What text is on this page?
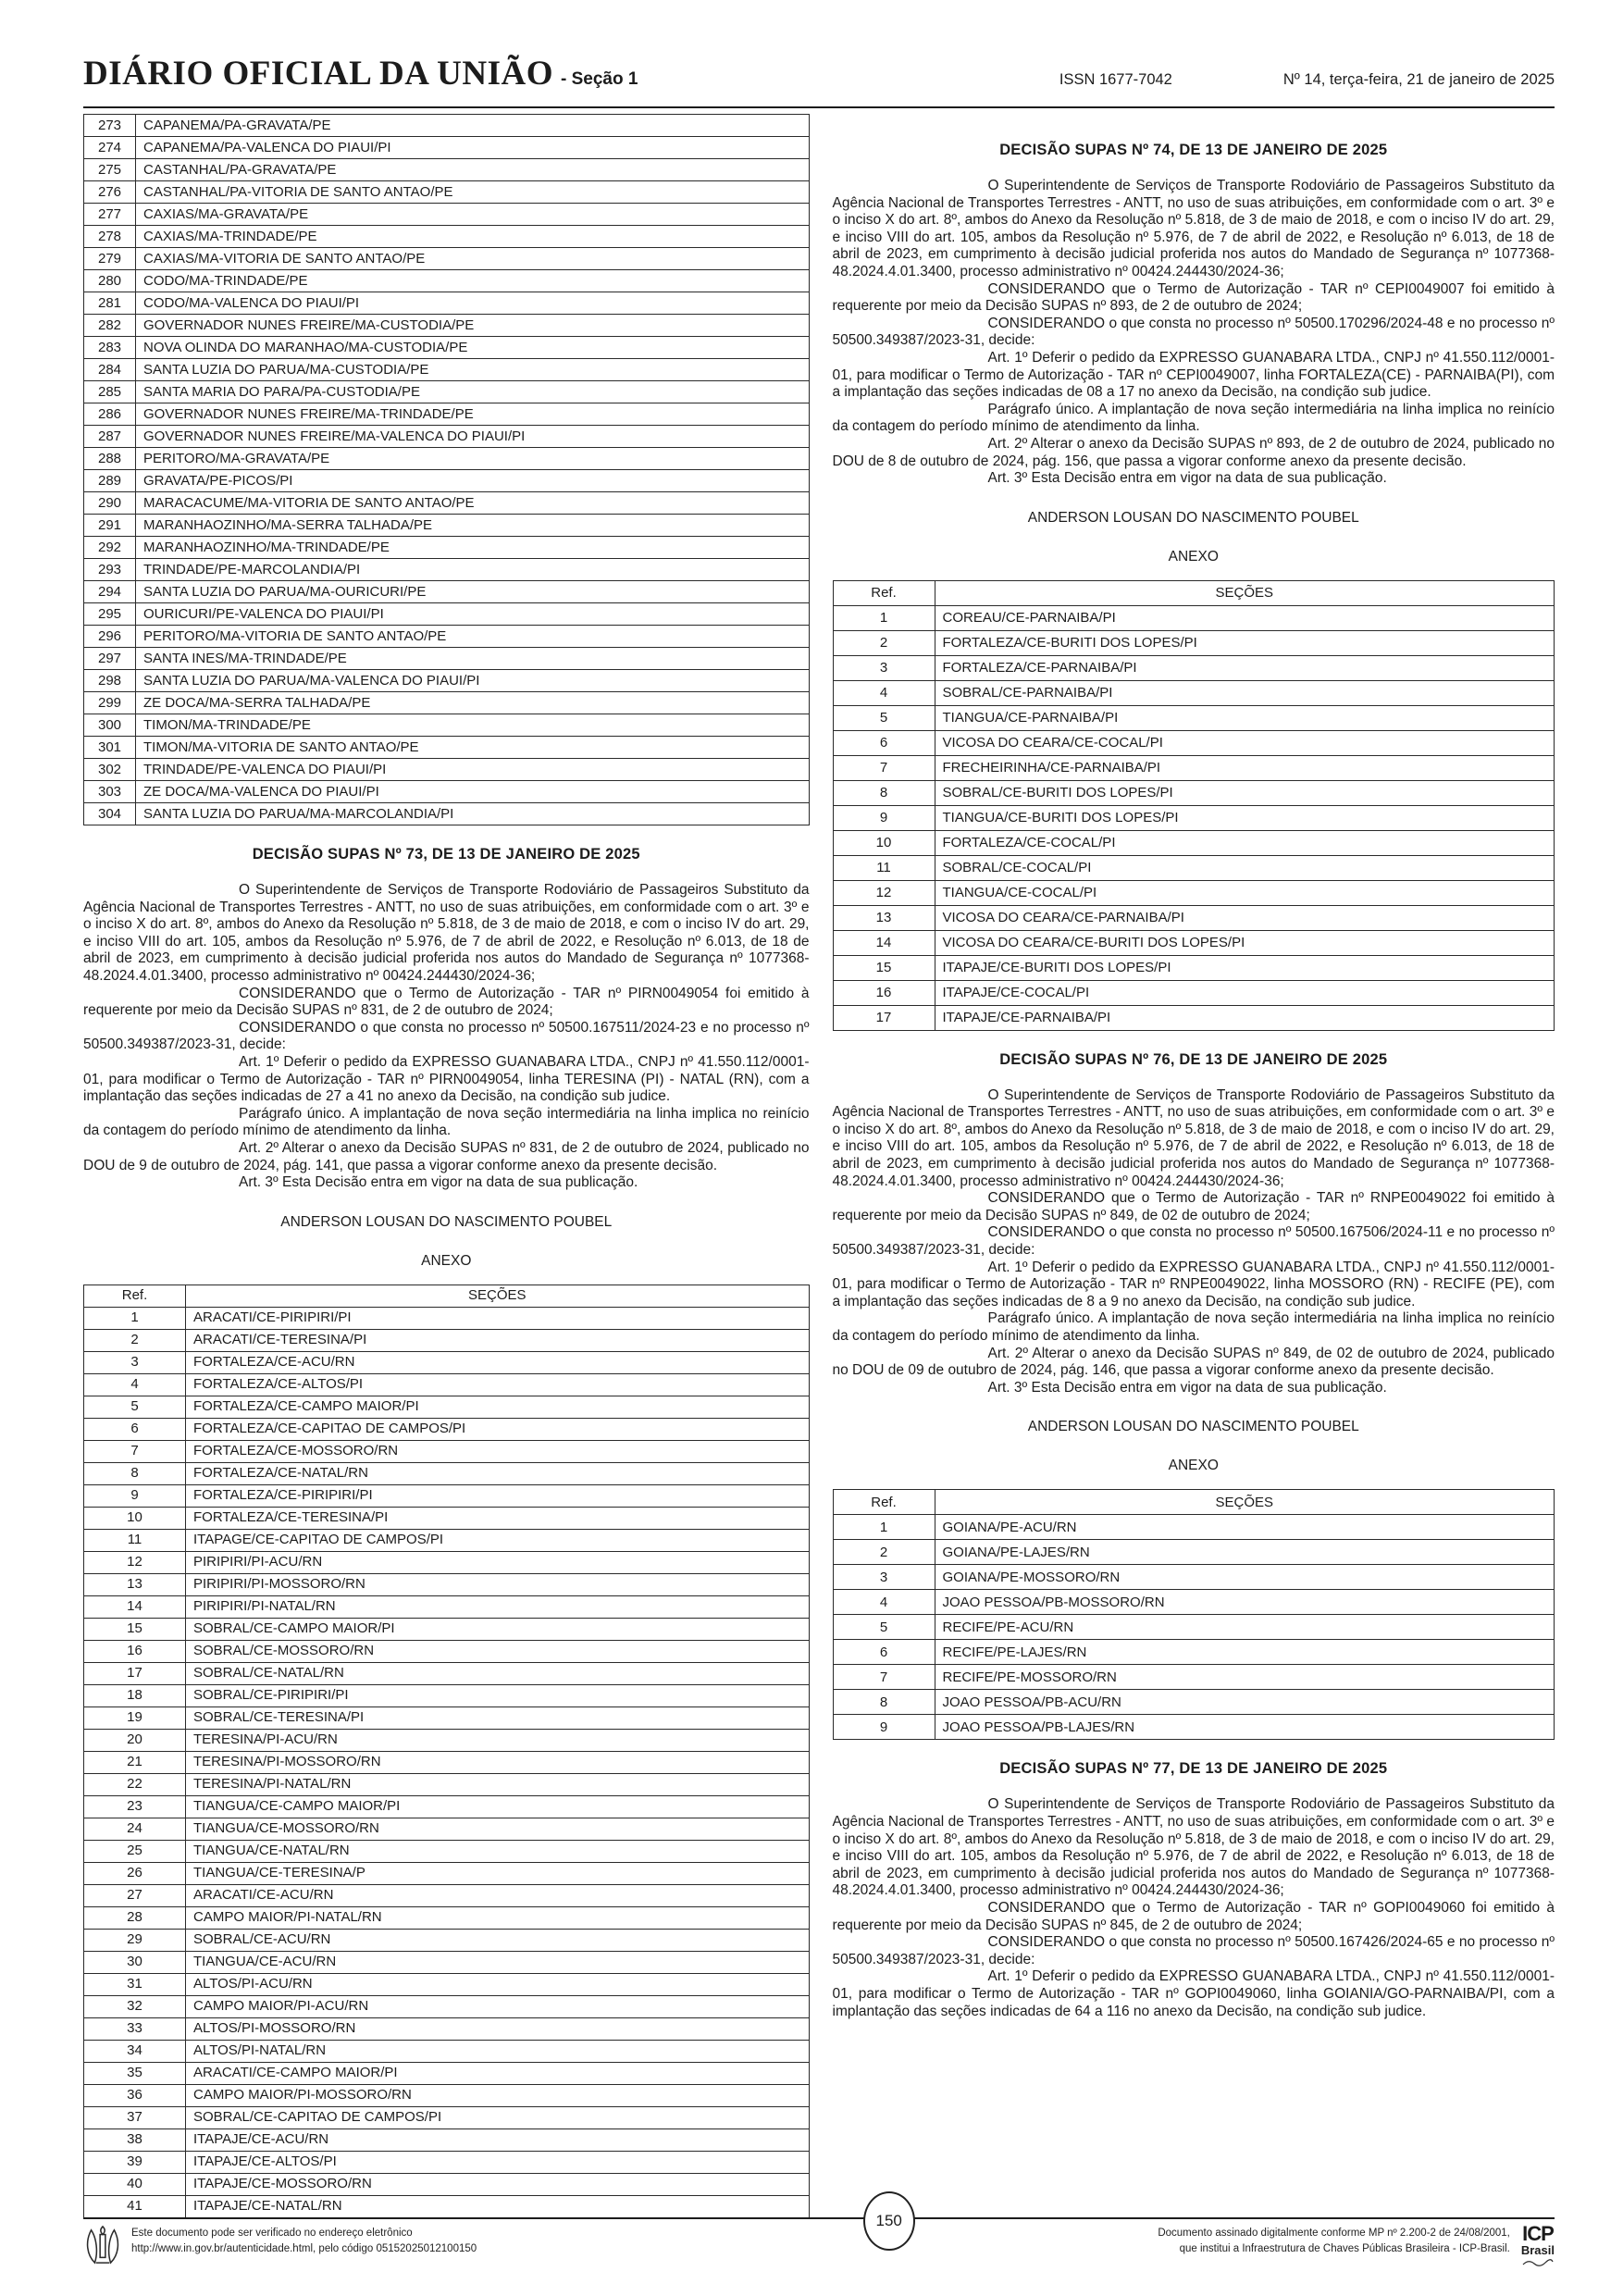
DIÁRIO OFICIAL DA UNIÃO - Seção 1	ISSN 1677-7042	Nº 14, terça-feira, 21 de janeiro de 2025
273	CAPANEMA/PA-GRAVATA/PE
274	CAPANEMA/PA-VALENCA DO PIAUI/PI
275	CASTANHAL/PA-GRAVATA/PE
276	CASTANHAL/PA-VITORIA DE SANTO ANTAO/PE
277	CAXIAS/MA-GRAVATA/PE
278	CAXIAS/MA-TRINDADE/PE
279	CAXIAS/MA-VITORIA DE SANTO ANTAO/PE
280	CODO/MA-TRINDADE/PE
281	CODO/MA-VALENCA DO PIAUI/PI
282	GOVERNADOR NUNES FREIRE/MA-CUSTODIA/PE
283	NOVA OLINDA DO MARANHAO/MA-CUSTODIA/PE
284	SANTA LUZIA DO PARUA/MA-CUSTODIA/PE
285	SANTA MARIA DO PARA/PA-CUSTODIA/PE
286	GOVERNADOR NUNES FREIRE/MA-TRINDADE/PE
287	GOVERNADOR NUNES FREIRE/MA-VALENCA DO PIAUI/PI
288	PERITORO/MA-GRAVATA/PE
289	GRAVATA/PE-PICOS/PI
290	MARACACUME/MA-VITORIA DE SANTO ANTAO/PE
291	MARANHAOZINHO/MA-SERRA TALHADA/PE
292	MARANHAOZINHO/MA-TRINDADE/PE
293	TRINDADE/PE-MARCOLANDIA/PI
294	SANTA LUZIA DO PARUA/MA-OURICURI/PE
295	OURICURI/PE-VALENCA DO PIAUI/PI
296	PERITORO/MA-VITORIA DE SANTO ANTAO/PE
297	SANTA INES/MA-TRINDADE/PE
298	SANTA LUZIA DO PARUA/MA-VALENCA DO PIAUI/PI
299	ZE DOCA/MA-SERRA TALHADA/PE
300	TIMON/MA-TRINDADE/PE
301	TIMON/MA-VITORIA DE SANTO ANTAO/PE
302	TRINDADE/PE-VALENCA DO PIAUI/PI
303	ZE DOCA/MA-VALENCA DO PIAUI/PI
304	SANTA LUZIA DO PARUA/MA-MARCOLANDIA/PI
DECISÃO SUPAS Nº 73, DE 13 DE JANEIRO DE 2025

O Superintendente de Serviços de Transporte Rodoviário de Passageiros Substituto da Agência Nacional de Transportes Terrestres - ANTT, no uso de suas atribuições, em conformidade com o art. 3º e o inciso X do art. 8º, ambos do Anexo da Resolução nº 5.818, de 3 de maio de 2018, e com o inciso IV do art. 29, e inciso VIII do art. 105, ambos da Resolução nº 5.976, de 7 de abril de 2022, e Resolução nº 6.013, de 18 de abril de 2023, em cumprimento à decisão judicial proferida nos autos do Mandado de Segurança nº 1077368-48.2024.4.01.3400, processo administrativo nº 00424.244430/2024-36;

CONSIDERANDO que o Termo de Autorização - TAR nº PIRN0049054 foi emitido à requerente por meio da Decisão SUPAS nº 831, de 2 de outubro de 2024;

CONSIDERANDO o que consta no processo nº 50500.167511/2024-23 e no processo nº 50500.349387/2023-31, decide:

Art. 1º Deferir o pedido da EXPRESSO GUANABARA LTDA., CNPJ nº 41.550.112/0001-01, para modificar o Termo de Autorização - TAR nº PIRN0049054, linha TERESINA (PI) - NATAL (RN), com a implantação das seções indicadas de 27 a 41 no anexo da Decisão, na condição sub judice.

Parágrafo único. A implantação de nova seção intermediária na linha implica no reinício da contagem do período mínimo de atendimento da linha.

Art. 2º Alterar o anexo da Decisão SUPAS nº 831, de 2 de outubro de 2024, publicado no DOU de 9 de outubro de 2024, pág. 141, que passa a vigorar conforme anexo da presente decisão.

Art. 3º Esta Decisão entra em vigor na data de sua publicação.

ANDERSON LOUSAN DO NASCIMENTO POUBEL
ANEXO
Ref.	SEÇÕES
1	ARACATI/CE-PIRIPIRI/PI
2	ARACATI/CE-TERESINA/PI
3	FORTALEZA/CE-ACU/RN
4	FORTALEZA/CE-ALTOS/PI
5	FORTALEZA/CE-CAMPO MAIOR/PI
6	FORTALEZA/CE-CAPITAO DE CAMPOS/PI
7	FORTALEZA/CE-MOSSORO/RN
8	FORTALEZA/CE-NATAL/RN
9	FORTALEZA/CE-PIRIPIRI/PI
10	FORTALEZA/CE-TERESINA/PI
11	ITAPAGE/CE-CAPITAO DE CAMPOS/PI
12	PIRIPIRI/PI-ACU/RN
13	PIRIPIRI/PI-MOSSORO/RN
14	PIRIPIRI/PI-NATAL/RN
15	SOBRAL/CE-CAMPO MAIOR/PI
16	SOBRAL/CE-MOSSORO/RN
17	SOBRAL/CE-NATAL/RN
18	SOBRAL/CE-PIRIPIRI/PI
19	SOBRAL/CE-TERESINA/PI
20	TERESINA/PI-ACU/RN
21	TERESINA/PI-MOSSORO/RN
22	TERESINA/PI-NATAL/RN
23	TIANGUA/CE-CAMPO MAIOR/PI
24	TIANGUA/CE-MOSSORO/RN
25	TIANGUA/CE-NATAL/RN
26	TIANGUA/CE-TERESINA/P
27	ARACATI/CE-ACU/RN
28	CAMPO MAIOR/PI-NATAL/RN
29	SOBRAL/CE-ACU/RN
30	TIANGUA/CE-ACU/RN
31	ALTOS/PI-ACU/RN
32	CAMPO MAIOR/PI-ACU/RN
33	ALTOS/PI-MOSSORO/RN
34	ALTOS/PI-NATAL/RN
35	ARACATI/CE-CAMPO MAIOR/PI
36	CAMPO MAIOR/PI-MOSSORO/RN
37	SOBRAL/CE-CAPITAO DE CAMPOS/PI
38	ITAPAJE/CE-ACU/RN
39	ITAPAJE/CE-ALTOS/PI
40	ITAPAJE/CE-MOSSORO/RN
41	ITAPAJE/CE-NATAL/RN
DECISÃO SUPAS Nº 74, DE 13 DE JANEIRO DE 2025

O Superintendente de Serviços de Transporte Rodoviário de Passageiros Substituto da Agência Nacional de Transportes Terrestres - ANTT, no uso de suas atribuições, em conformidade com o art. 3º e o inciso X do art. 8º, ambos do Anexo da Resolução nº 5.818, de 3 de maio de 2018, e com o inciso IV do art. 29, e inciso VIII do art. 105, ambos da Resolução nº 5.976, de 7 de abril de 2022, e Resolução nº 6.013, de 18 de abril de 2023, em cumprimento à decisão judicial proferida nos autos do Mandado de Segurança nº 1077368-48.2024.4.01.3400, processo administrativo nº 00424.244430/2024-36;

CONSIDERANDO que o Termo de Autorização - TAR nº CEPI0049007 foi emitido à requerente por meio da Decisão SUPAS nº 893, de 2 de outubro de 2024;

CONSIDERANDO o que consta no processo nº 50500.170296/2024-48 e no processo nº 50500.349387/2023-31, decide:

Art. 1º Deferir o pedido da EXPRESSO GUANABARA LTDA., CNPJ nº 41.550.112/0001-01, para modificar o Termo de Autorização - TAR nº CEPI0049007, linha FORTALEZA(CE) - PARNAIBA(PI), com a implantação das seções indicadas de 08 a 17 no anexo da Decisão, na condição sub judice.

Parágrafo único. A implantação de nova seção intermediária na linha implica no reinício da contagem do período mínimo de atendimento da linha.

Art. 2º Alterar o anexo da Decisão SUPAS nº 893, de 2 de outubro de 2024, publicado no DOU de 8 de outubro de 2024, pág. 156, que passa a vigorar conforme anexo da presente decisão.

Art. 3º Esta Decisão entra em vigor na data de sua publicação.

ANDERSON LOUSAN DO NASCIMENTO POUBEL
ANEXO
Ref.	SEÇÕES
1	COREAU/CE-PARNAIBA/PI
2	FORTALEZA/CE-BURITI DOS LOPES/PI
3	FORTALEZA/CE-PARNAIBA/PI
4	SOBRAL/CE-PARNAIBA/PI
5	TIANGUA/CE-PARNAIBA/PI
6	VICOSA DO CEARA/CE-COCAL/PI
7	FRECHEIRINHA/CE-PARNAIBA/PI
8	SOBRAL/CE-BURITI DOS LOPES/PI
9	TIANGUA/CE-BURITI DOS LOPES/PI
10	FORTALEZA/CE-COCAL/PI
11	SOBRAL/CE-COCAL/PI
12	TIANGUA/CE-COCAL/PI
13	VICOSA DO CEARA/CE-PARNAIBA/PI
14	VICOSA DO CEARA/CE-BURITI DOS LOPES/PI
15	ITAPAJE/CE-BURITI DOS LOPES/PI
16	ITAPAJE/CE-COCAL/PI
17	ITAPAJE/CE-PARNAIBA/PI
DECISÃO SUPAS Nº 76, DE 13 DE JANEIRO DE 2025

O Superintendente de Serviços de Transporte Rodoviário de Passageiros Substituto da Agência Nacional de Transportes Terrestres - ANTT, no uso de suas atribuições, em conformidade com o art. 3º e o inciso X do art. 8º, ambos do Anexo da Resolução nº 5.818, de 3 de maio de 2018, e com o inciso IV do art. 29, e inciso VIII do art. 105, ambos da Resolução nº 5.976, de 7 de abril de 2022, e Resolução nº 6.013, de 18 de abril de 2023, em cumprimento à decisão judicial proferida nos autos do Mandado de Segurança nº 1077368-48.2024.4.01.3400, processo administrativo nº 00424.244430/2024-36;

CONSIDERANDO que o Termo de Autorização - TAR nº RNPE0049022 foi emitido à requerente por meio da Decisão SUPAS nº 849, de 02 de outubro de 2024;

CONSIDERANDO o que consta no processo nº 50500.167506/2024-11 e no processo nº 50500.349387/2023-31, decide:

Art. 1º Deferir o pedido da EXPRESSO GUANABARA LTDA., CNPJ nº 41.550.112/0001-01, para modificar o Termo de Autorização - TAR nº RNPE0049022, linha MOSSORO (RN) - RECIFE (PE), com a implantação das seções indicadas de 8 a 9 no anexo da Decisão, na condição sub judice.

Parágrafo único. A implantação de nova seção intermediária na linha implica no reinício da contagem do período mínimo de atendimento da linha.

Art. 2º Alterar o anexo da Decisão SUPAS nº 849, de 02 de outubro de 2024, publicado no DOU de 09 de outubro de 2024, pág. 146, que passa a vigorar conforme anexo da presente decisão.

Art. 3º Esta Decisão entra em vigor na data de sua publicação.

ANDERSON LOUSAN DO NASCIMENTO POUBEL
ANEXO
Ref.	SEÇÕES
1	GOIANA/PE-ACU/RN
2	GOIANA/PE-LAJES/RN
3	GOIANA/PE-MOSSORO/RN
4	JOAO PESSOA/PB-MOSSORO/RN
5	RECIFE/PE-ACU/RN
6	RECIFE/PE-LAJES/RN
7	RECIFE/PE-MOSSORO/RN
8	JOAO PESSOA/PB-ACU/RN
9	JOAO PESSOA/PB-LAJES/RN
DECISÃO SUPAS Nº 77, DE 13 DE JANEIRO DE 2025

O Superintendente de Serviços de Transporte Rodoviário de Passageiros Substituto da Agência Nacional de Transportes Terrestres - ANTT, no uso de suas atribuições, em conformidade com o art. 3º e o inciso X do art. 8º, ambos do Anexo da Resolução nº 5.818, de 3 de maio de 2018, e com o inciso IV do art. 29, e inciso VIII do art. 105, ambos da Resolução nº 5.976, de 7 de abril de 2022, e Resolução nº 6.013, de 18 de abril de 2023, em cumprimento à decisão judicial proferida nos autos do Mandado de Segurança nº 1077368-48.2024.4.01.3400, processo administrativo nº 00424.244430/2024-36;

CONSIDERANDO que o Termo de Autorização - TAR nº GOPI0049060 foi emitido à requerente por meio da Decisão SUPAS nº 845, de 2 de outubro de 2024;

CONSIDERANDO o que consta no processo nº 50500.167426/2024-65 e no processo nº 50500.349387/2023-31, decide:

Art. 1º Deferir o pedido da EXPRESSO GUANABARA LTDA., CNPJ nº 41.550.112/0001-01, para modificar o Termo de Autorização - TAR nº GOPI0049060, linha GOIANIA/GO-PARNAIBA/PI, com a implantação das seções indicadas de 64 a 116 no anexo da Decisão, na condição sub judice.

150
Este documento pode ser verificado no endereço eletrônico
http://www.in.gov.br/autenticidade.html, pelo código 05152025012100150
Documento assinado digitalmente conforme MP nº 2.200-2 de 24/08/2001,
que institui a Infraestrutura de Chaves Públicas Brasileira - ICP-Brasil.
ICP
Brasil
